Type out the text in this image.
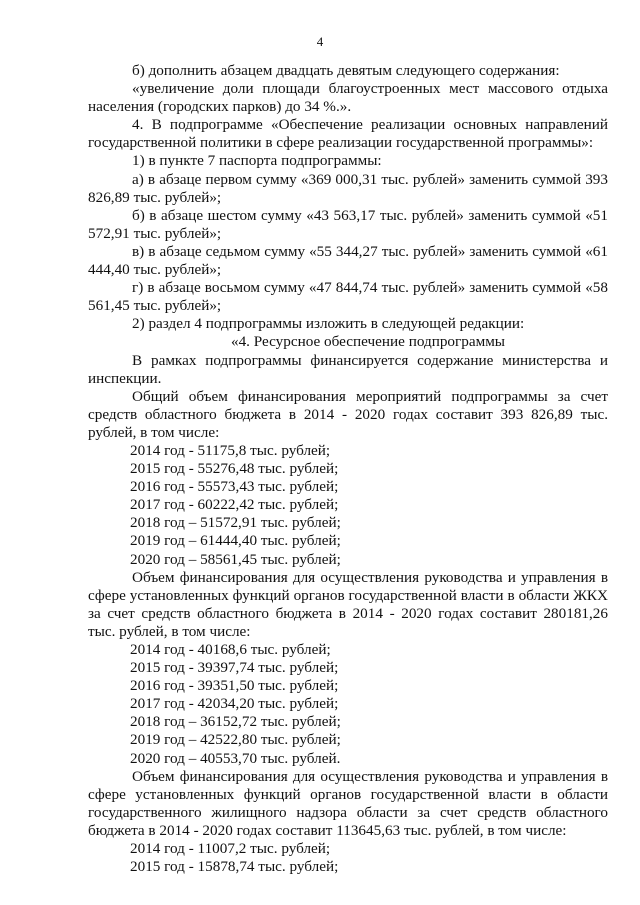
4

б) дополнить абзацем двадцать девятым следующего содержания:

«увеличение доли площади благоустроенных мест массового отдыха населения (городских парков) до 34 %.».

4. В подпрограмме «Обеспечение реализации основных направлений государственной политики в сфере реализации государственной программы»:

1) в пункте 7 паспорта подпрограммы:

а) в абзаце первом сумму «369 000,31 тыс. рублей» заменить суммой 393 826,89 тыс. рублей»;

б) в абзаце шестом сумму «43 563,17 тыс. рублей» заменить суммой «51 572,91 тыс. рублей»;

в) в абзаце седьмом сумму «55 344,27 тыс. рублей» заменить суммой «61 444,40 тыс. рублей»;

г) в абзаце восьмом сумму «47 844,74 тыс. рублей» заменить суммой «58 561,45 тыс. рублей»;

2) раздел 4 подпрограммы изложить в следующей редакции:

«4. Ресурсное обеспечение подпрограммы

В рамках подпрограммы финансируется содержание министерства и инспекции.

Общий объем финансирования мероприятий подпрограммы за счет средств областного бюджета в 2014 - 2020 годах составит 393 826,89 тыс. рублей, в том числе:

2014 год - 51175,8 тыс. рублей;

2015 год - 55276,48 тыс. рублей;

2016 год - 55573,43 тыс. рублей;

2017 год - 60222,42 тыс. рублей;

2018 год – 51572,91 тыс. рублей;

2019 год – 61444,40 тыс. рублей;

2020 год – 58561,45 тыс. рублей;

Объем финансирования для осуществления руководства и управления в сфере установленных функций органов государственной власти в области ЖКХ за счет средств областного бюджета в 2014 - 2020 годах составит 280181,26 тыс. рублей, в том числе:

2014 год - 40168,6 тыс. рублей;

2015 год - 39397,74 тыс. рублей;

2016 год - 39351,50 тыс. рублей;

2017 год - 42034,20 тыс. рублей;

2018 год – 36152,72 тыс. рублей;

2019 год – 42522,80 тыс. рублей;

2020 год – 40553,70 тыс. рублей.

Объем финансирования для осуществления руководства и управления в сфере установленных функций органов государственной власти в области государственного жилищного надзора области за счет средств областного бюджета в 2014 - 2020 годах составит 113645,63 тыс. рублей, в том числе:

2014 год - 11007,2 тыс. рублей;

2015 год - 15878,74 тыс. рублей;
